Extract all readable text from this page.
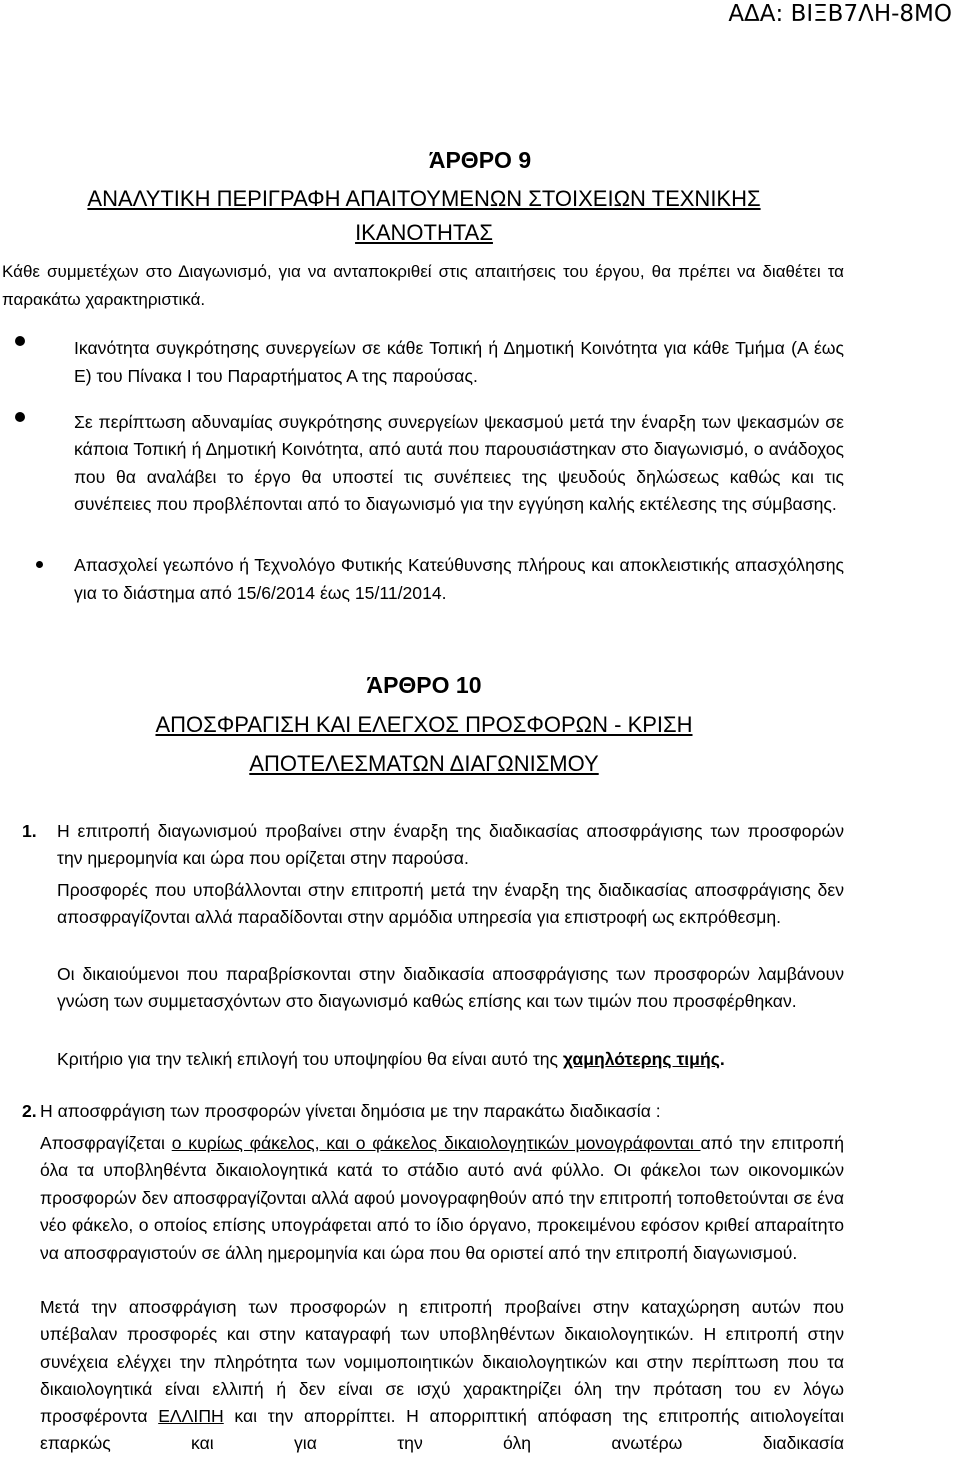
ΑΔΑ: ΒΙΞΒ7ΛΗ-8ΜΟ
ΆΡΘΡΟ 9
ΑΝΑΛΥΤΙΚΗ ΠΕΡΙΓΡΑΦΗ ΑΠΑΙΤΟΥΜΕΝΩΝ ΣΤΟΙΧΕΙΩΝ ΤΕΧΝΙΚΗΣ
ΙΚΑΝΟΤΗΤΑΣ
Κάθε συμμετέχων στο Διαγωνισμό, για να ανταποκριθεί στις απαιτήσεις του έργου, θα πρέπει να διαθέτει τα παρακάτω χαρακτηριστικά.
Ικανότητα συγκρότησης συνεργείων σε κάθε Τοπική ή Δημοτική Κοινότητα για κάθε Τμήμα (Α έως Ε) του Πίνακα Ι του Παραρτήματος Α της παρούσας.
Σε περίπτωση αδυναμίας συγκρότησης συνεργείων ψεκασμού μετά την έναρξη των ψεκασμών σε κάποια Τοπική ή Δημοτική Κοινότητα, από αυτά που παρουσιάστηκαν στο διαγωνισμό, ο ανάδοχος που θα αναλάβει το έργο θα υποστεί τις συνέπειες της ψευδούς δηλώσεως καθώς και τις συνέπειες που προβλέπονται από το διαγωνισμό για την εγγύηση καλής εκτέλεσης της σύμβασης.
Απασχολεί γεωπόνο ή Τεχνολόγο Φυτικής Κατεύθυνσης πλήρους και αποκλειστικής απασχόλησης για το διάστημα από 15/6/2014 έως 15/11/2014.
ΆΡΘΡΟ 10
ΑΠΟΣΦΡΑΓΙΣΗ ΚΑΙ ΕΛΕΓΧΟΣ ΠΡΟΣΦΟΡΩΝ - ΚΡΙΣΗ
ΑΠΟΤΕΛΕΣΜΑΤΩΝ ΔΙΑΓΩΝΙΣΜΟΥ
1. Η επιτροπή διαγωνισμού προβαίνει στην έναρξη της διαδικασίας αποσφράγισης των προσφορών την ημερομηνία και ώρα που ορίζεται στην παρούσα.
Προσφορές που υποβάλλονται στην επιτροπή μετά την έναρξη της διαδικασίας αποσφράγισης δεν αποσφραγίζονται αλλά παραδίδονται στην αρμόδια υπηρεσία για επιστροφή ως εκπρόθεσμη.
Οι δικαιούμενοι που παραβρίσκονται στην διαδικασία αποσφράγισης των προσφορών λαμβάνουν γνώση των συμμετασχόντων στο διαγωνισμό καθώς επίσης και των τιμών που προσφέρθηκαν.
Κριτήριο για την τελική επιλογή του υποψηφίου θα είναι αυτό της χαμηλότερης τιμής.
2. Η αποσφράγιση των προσφορών γίνεται δημόσια με την παρακάτω διαδικασία :
Αποσφραγίζεται ο κυρίως φάκελος, και ο φάκελος δικαιολογητικών μονογράφονται από την επιτροπή όλα τα υποβληθέντα δικαιολογητικά κατά το στάδιο αυτό ανά φύλλο. Οι φάκελοι των οικονομικών προσφορών δεν αποσφραγίζονται αλλά αφού μονογραφηθούν από την επιτροπή τοποθετούνται σε ένα νέο φάκελο, ο οποίος επίσης υπογράφεται από το ίδιο όργανο, προκειμένου εφόσον κριθεί απαραίτητο να αποσφραγιστούν σε άλλη ημερομηνία και ώρα που θα οριστεί από την επιτροπή διαγωνισμού.
Μετά την αποσφράγιση των προσφορών η επιτροπή προβαίνει στην καταχώρηση αυτών που υπέβαλαν προσφορές και στην καταγραφή των υποβληθέντων δικαιολογητικών. Η επιτροπή στην συνέχεια ελέγχει την πληρότητα των νομιμοποιητικών δικαιολογητικών και στην περίπτωση που τα δικαιολογητικά είναι ελλιπή ή δεν είναι σε ισχύ χαρακτηρίζει όλη την πρόταση του εν λόγω προσφέροντα ΕΛΛΙΠΗ και την απορρίπτει. Η απορριπτική απόφαση της επιτροπής αιτιολογείται επαρκώς και για την όλη ανωτέρω διαδικασία
